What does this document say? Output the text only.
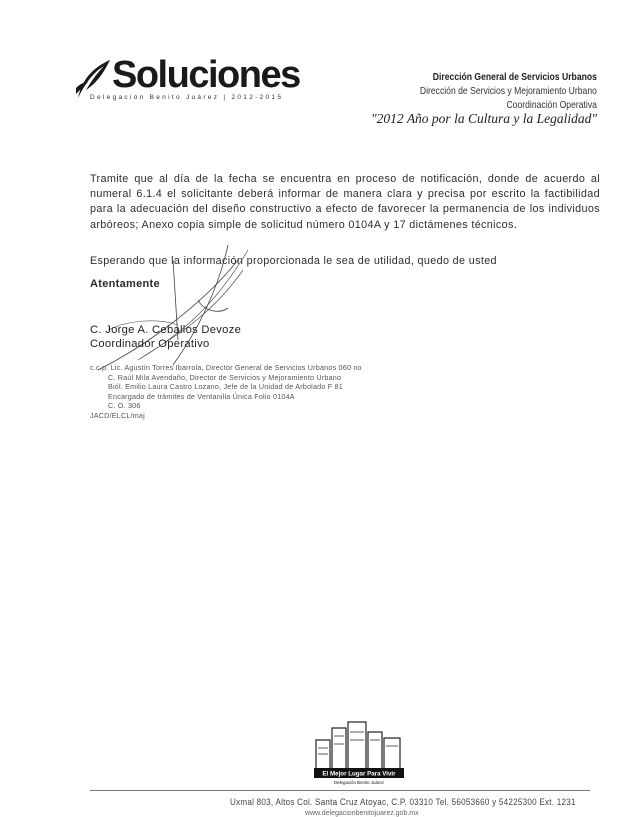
Soluciones
Delegación Benito Juárez | 2012-2015
Dirección General de Servicios Urbanos
Dirección de Servicios y Mejoramiento Urbano
Coordinación Operativa
"2012 Año por la Cultura y la Legalidad"
Tramite que al día de la fecha se encuentra en proceso de notificación, donde de acuerdo al numeral 6.1.4 el solicitante deberá informar de manera clara y precisa por escrito la factibilidad para la adecuación del diseño constructivo a efecto de favorecer la permanencia de los individuos arbóreos; Anexo copia simple de solicitud número 0104A y 17 dictámenes técnicos.
Esperando que la información proporcionada le sea de utilidad, quedo de usted
Atentamente
C. Jorge A. Ceballos Devoze
Coordinador Operativo
c.c.p. Lic. Agustín Torres Ibarrola, Director General de Servicios Urbanos 060 no
C. Raúl Mila Avendaño, Director de Servicios y Mejoramiento Urbano
Biól. Emilio Laura Castro Lozano, Jefe de la Unidad de Arbolado F 81
Encargado de trámites de Ventanilla Única Folio 0104A
C. O. 306
JACD/ELCL/maj
El Mejor Lugar Para Vivir
Delegación Benito Juárez
Uxmal 803, Altos Col. Santa Cruz Atoyac, C.P. 03310 Tel. 56053660 y 54225300 Ext. 1231
www.delegacionbenitojuarez.gob.mx
